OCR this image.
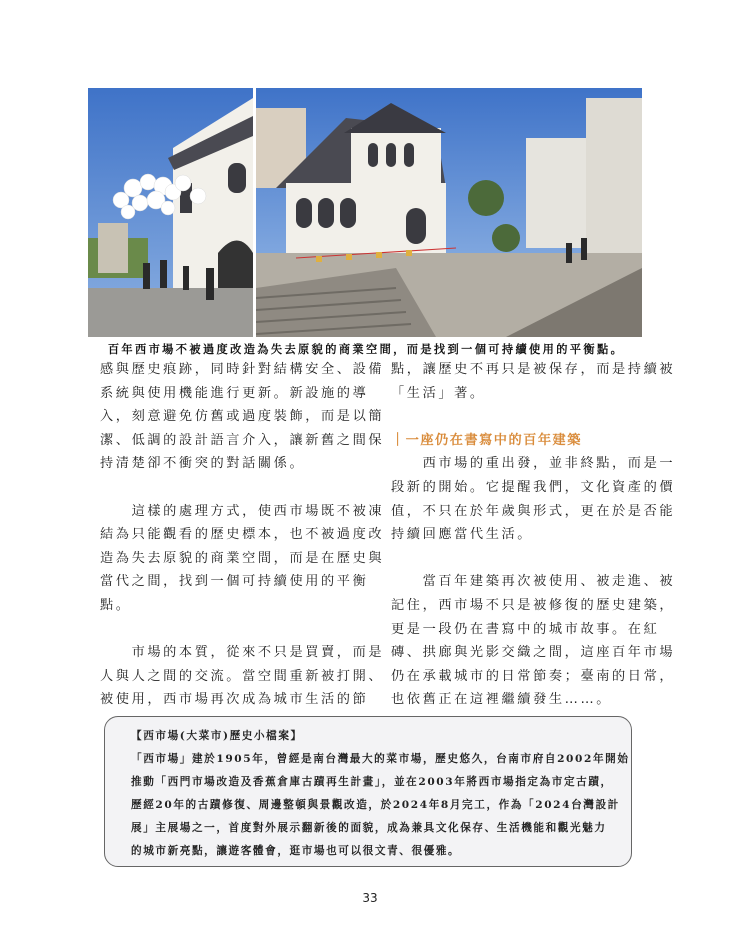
百年西市場不被過度改造為失去原貌的商業空間，而是找到一個可持續使用的平衡點。

感與歷史痕跡，同時針對結構安全、設備

系統與使用機能進行更新。新設施的導

入，刻意避免仿舊或過度裝飾，而是以簡

潔、低調的設計語言介入，讓新舊之間保

持清楚卻不衝突的對話關係。

　　這樣的處理方式，使西市場既不被凍

結為只能觀看的歷史標本，也不被過度改

造為失去原貌的商業空間，而是在歷史與

當代之間，找到一個可持續使用的平衡

點。

　　市場的本質，從來不只是買賣，而是

人與人之間的交流。當空間重新被打開、

被使用，西市場再次成為城市生活的節

點，讓歷史不再只是被保存，而是持續被

「生活」著。

｜一座仍在書寫中的百年建築

　　西市場的重出發，並非終點，而是一

段新的開始。它提醒我們，文化資產的價

值，不只在於年歲與形式，更在於是否能

持續回應當代生活。

　　當百年建築再次被使用、被走進、被

記住，西市場不只是被修復的歷史建築，

更是一段仍在書寫中的城市故事。在紅

磚、拱廊與光影交織之間，這座百年市場

仍在承載城市的日常節奏；臺南的日常，

也依舊正在這裡繼續發生……。

【西市場(大菜市)歷史小檔案】
「西市場」建於1905年，曾經是南台灣最大的菜市場，歷史悠久，台南市府自2002年開始
推動「西門市場改造及香蕉倉庫古蹟再生計畫」，並在2003年將西市場指定為市定古蹟，
歷經20年的古蹟修復、周邊整頓與景觀改造，於2024年8月完工，作為「2024台灣設計
展」主展場之一，首度對外展示翻新後的面貌，成為兼具文化保存、生活機能和觀光魅力
的城市新亮點，讓遊客體會，逛市場也可以很文青、很優雅。
33
